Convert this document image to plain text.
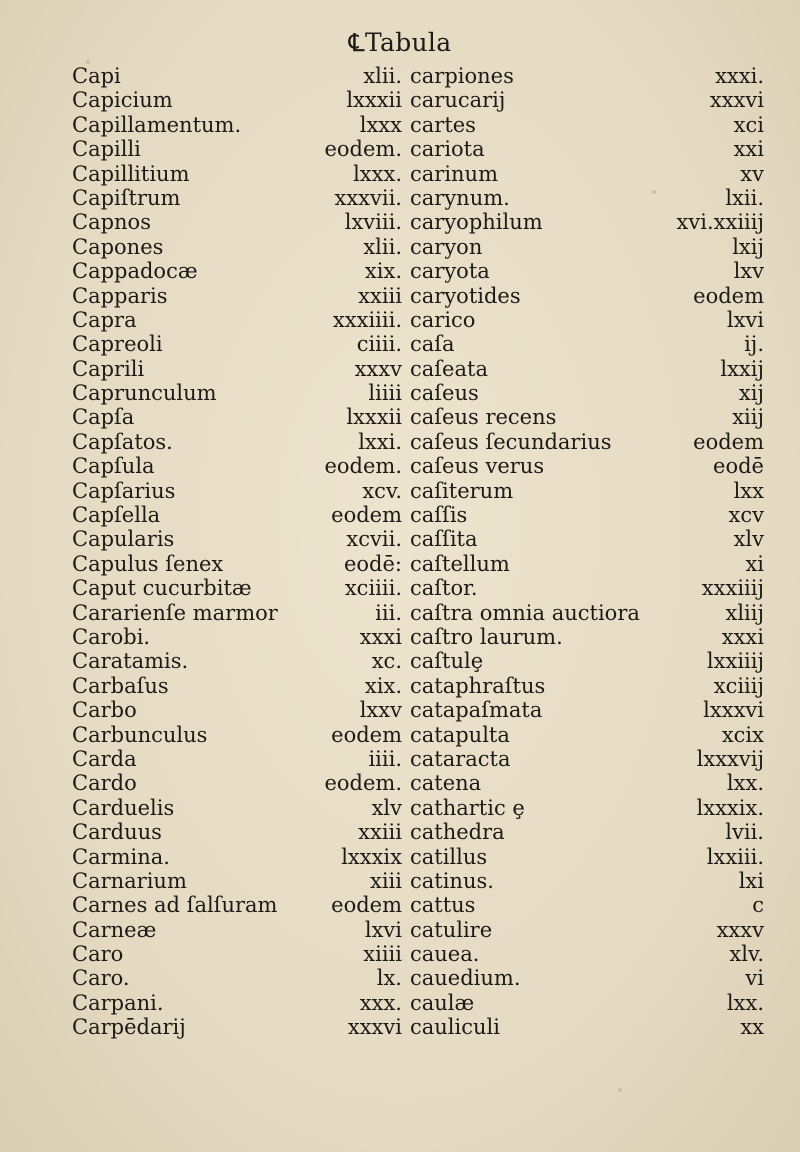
℄Tabula
Capi
Capicium
Capillamentum.
Capilli
Capillitium
Capiſtrum
Capnos
Capones
Cappadocæ
Capparis
Capra
Capreoli
Caprili
Caprunculum
Capſa
Capſatos.
Capſula
Capſarius
Capſella
Capularis
Capulus ſenex
Caput cucurbitæ
Cararienſe marmor
Carobi.
Caratamis.
Carbaſus
Carbo
Carbunculus
Carda
Cardo
Carduelis
Carduus
Carmina.
Carnarium
Carnes ad ſalſuram
Carneæ
Caro
Caro.
Carpani.
Carpēdarij
xlii.
lxxxii
lxxx
eodem.
lxxx.
xxxvii.
lxviii.
xlii.
xix.
xxiii
xxxiiii.
ciiii.
xxxv
liiii
lxxxii
lxxi.
eodem.
xcv.
eodem
xcvii.
eodē:
xciiii.
iii.
xxxi
xc.
xix.
lxxv
eodem
iiii.
eodem.
xlv
xxiii
lxxxix
xiii
eodem
lxvi
xiiii
lx.
xxx.
xxxvi
carpiones
carucarij
cartes
cariota
carinum
carynum.
caryophilum
caryon
caryota
caryotides
carico
caſa
caſeata
caſeus
caſeus recens
caſeus ſecundarius
caſeus verus
caſiterum
caſſis
caſſita
caſtellum
caſtor.
caſtra omnia auctiora
caſtro laurum.
caſtulȩ
cataphraſtus
catapaſmata
catapulta
cataracta
catena
cathartic ȩ
cathedra
catillus
catinus.
cattus
catulire
cauea.
cauedium.
caulæ
cauliculi
xxxi.
xxxvi
xci
xxi
xv
lxii.
xvi.xxiiij
lxij
lxv
eodem
lxvi
ij.
lxxij
xij
xiij
eodem
eodē
lxx
xcv
xlv
xi
xxxiiij
xliij
xxxi
lxxiiij
xciiij
lxxxvi
xcix
lxxxvij
lxx.
lxxxix.
lvii.
lxxiii.
lxi
c
xxxv
xlv.
vi
lxx.
xx
